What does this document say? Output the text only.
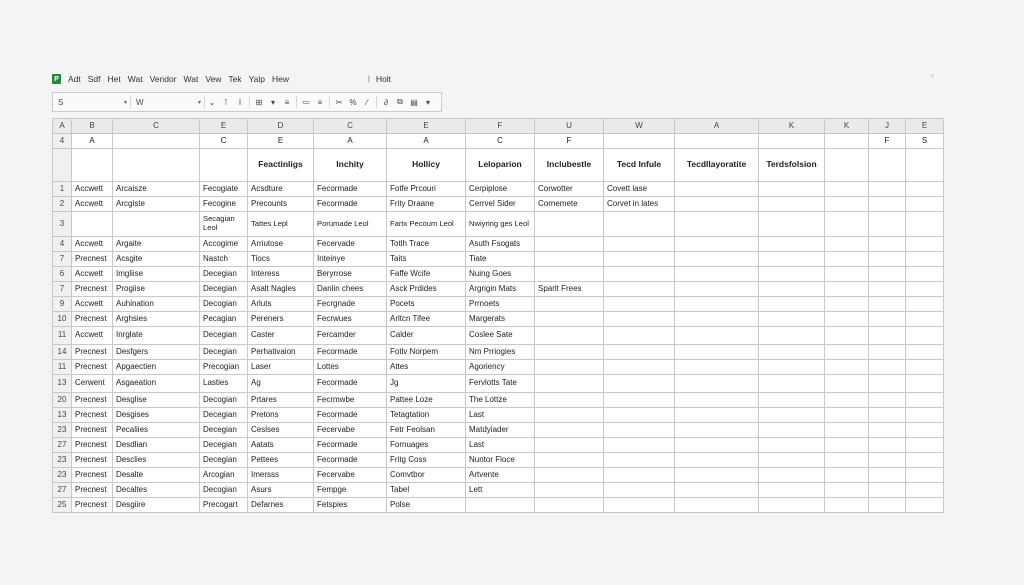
P Adt Sdf Het Wat Vendor Wat Vew Tek Yalp Hew	| Holt	◦
S	▾ W	▾ ⌄	⊺	I	⊞	▾	≡	≔ ≡	✂ %	⁄	∂	⧉ ▤	▾
A	B	C	E	D	C	E	F	U	W	A	K	K	J	E
4	A		C	E	A	A	C	F					F	S
				Feactinligs	Inchity	Hollicy	Leloparion	Inclubestle	Tecd Infule	Tecdllayoratite	Terdsfolsion			
1	Accwett	Arcaisze	Fecogiate	Acsdture	Fecormade	Fotfe Prcouri	Cerpiplose	Corwotter	Covett lase					
2	Accwett	Arcgiste	Fecogine	Precounts	Fecormade	Frity Draane	Cerrvel Sider	Cornemete	Corvet in lates					
3			Secagian Leol	Tattes Lepl	Porumade Leol	Fartx Pecoum Leol	Nwiyring ges Leol							
4	Accwett	Argaite	Accogime	Arriutose	Fecervade	Totlh Trace	Asuth Fsogats							
7	Precnest	Acsgite	Nastch	Tiocs	Inteinye	Taits	Tiate							
6	Accwett	Imgliise	Decegian	Interess	Beryrrose	Faffe Wcife	Nuing Goes							
7	Precnest	Progiise	Decegian	Asalt Nagles	Danlin chees	Asck Prdides	Argrigin Mats	Sparlt Frees						
9	Accwett	Auhination	Decogian	Arluts	Fecrgnade	Pocets	Prrnoets							
10	Precnest	Arghsies	Pecagian	Pereners	Fecrwues	Arltcn Tifee	Margerats							
11	Accwett	Inrglate	Decegian	Caster	Fercamder	Calder	Coslee Sate							
14	Precnest	Desfgers	Decegian	Perhativaion	Fecormade	Fotlv Norpem	Nm Prriogies							
11	Precnest	Apgaectien	Precogian	Laser	Lottes	Attes	Agoriency							
13	Cerwent	Asgaeation	Lasties	Ag	Fecormade	Jg	Fervlotts Tate							
20	Precnest	Desglise	Decogian	Prtares	Fecrmwbe	Pattee Loze	The Lottze							
13	Precnest	Desgises	Decegian	Pretons	Fecormade	Tetagtation	Last							
23	Precnest	Pecaliies	Decegian	Ceslses	Fecervabe	Fetr Feolsan	Matdyiader							
27	Precnest	Desdlian	Decegian	Aatats	Fecormade	Fornuages	Last							
23	Precnest	Desclies	Decegian	Pettees	Fecormade	Fritg Coss	Nuntor Floce							
23	Precnest	Desalte	Arcogian	Imersss	Fecervabe	Comvtbor	Artvente							
27	Precnest	Decaltes	Decogian	Asurs	Fempge	Tabel	Lett							
25	Precnest	Desgiire	Precogart	Defarnes	Fetspies	Polse								
